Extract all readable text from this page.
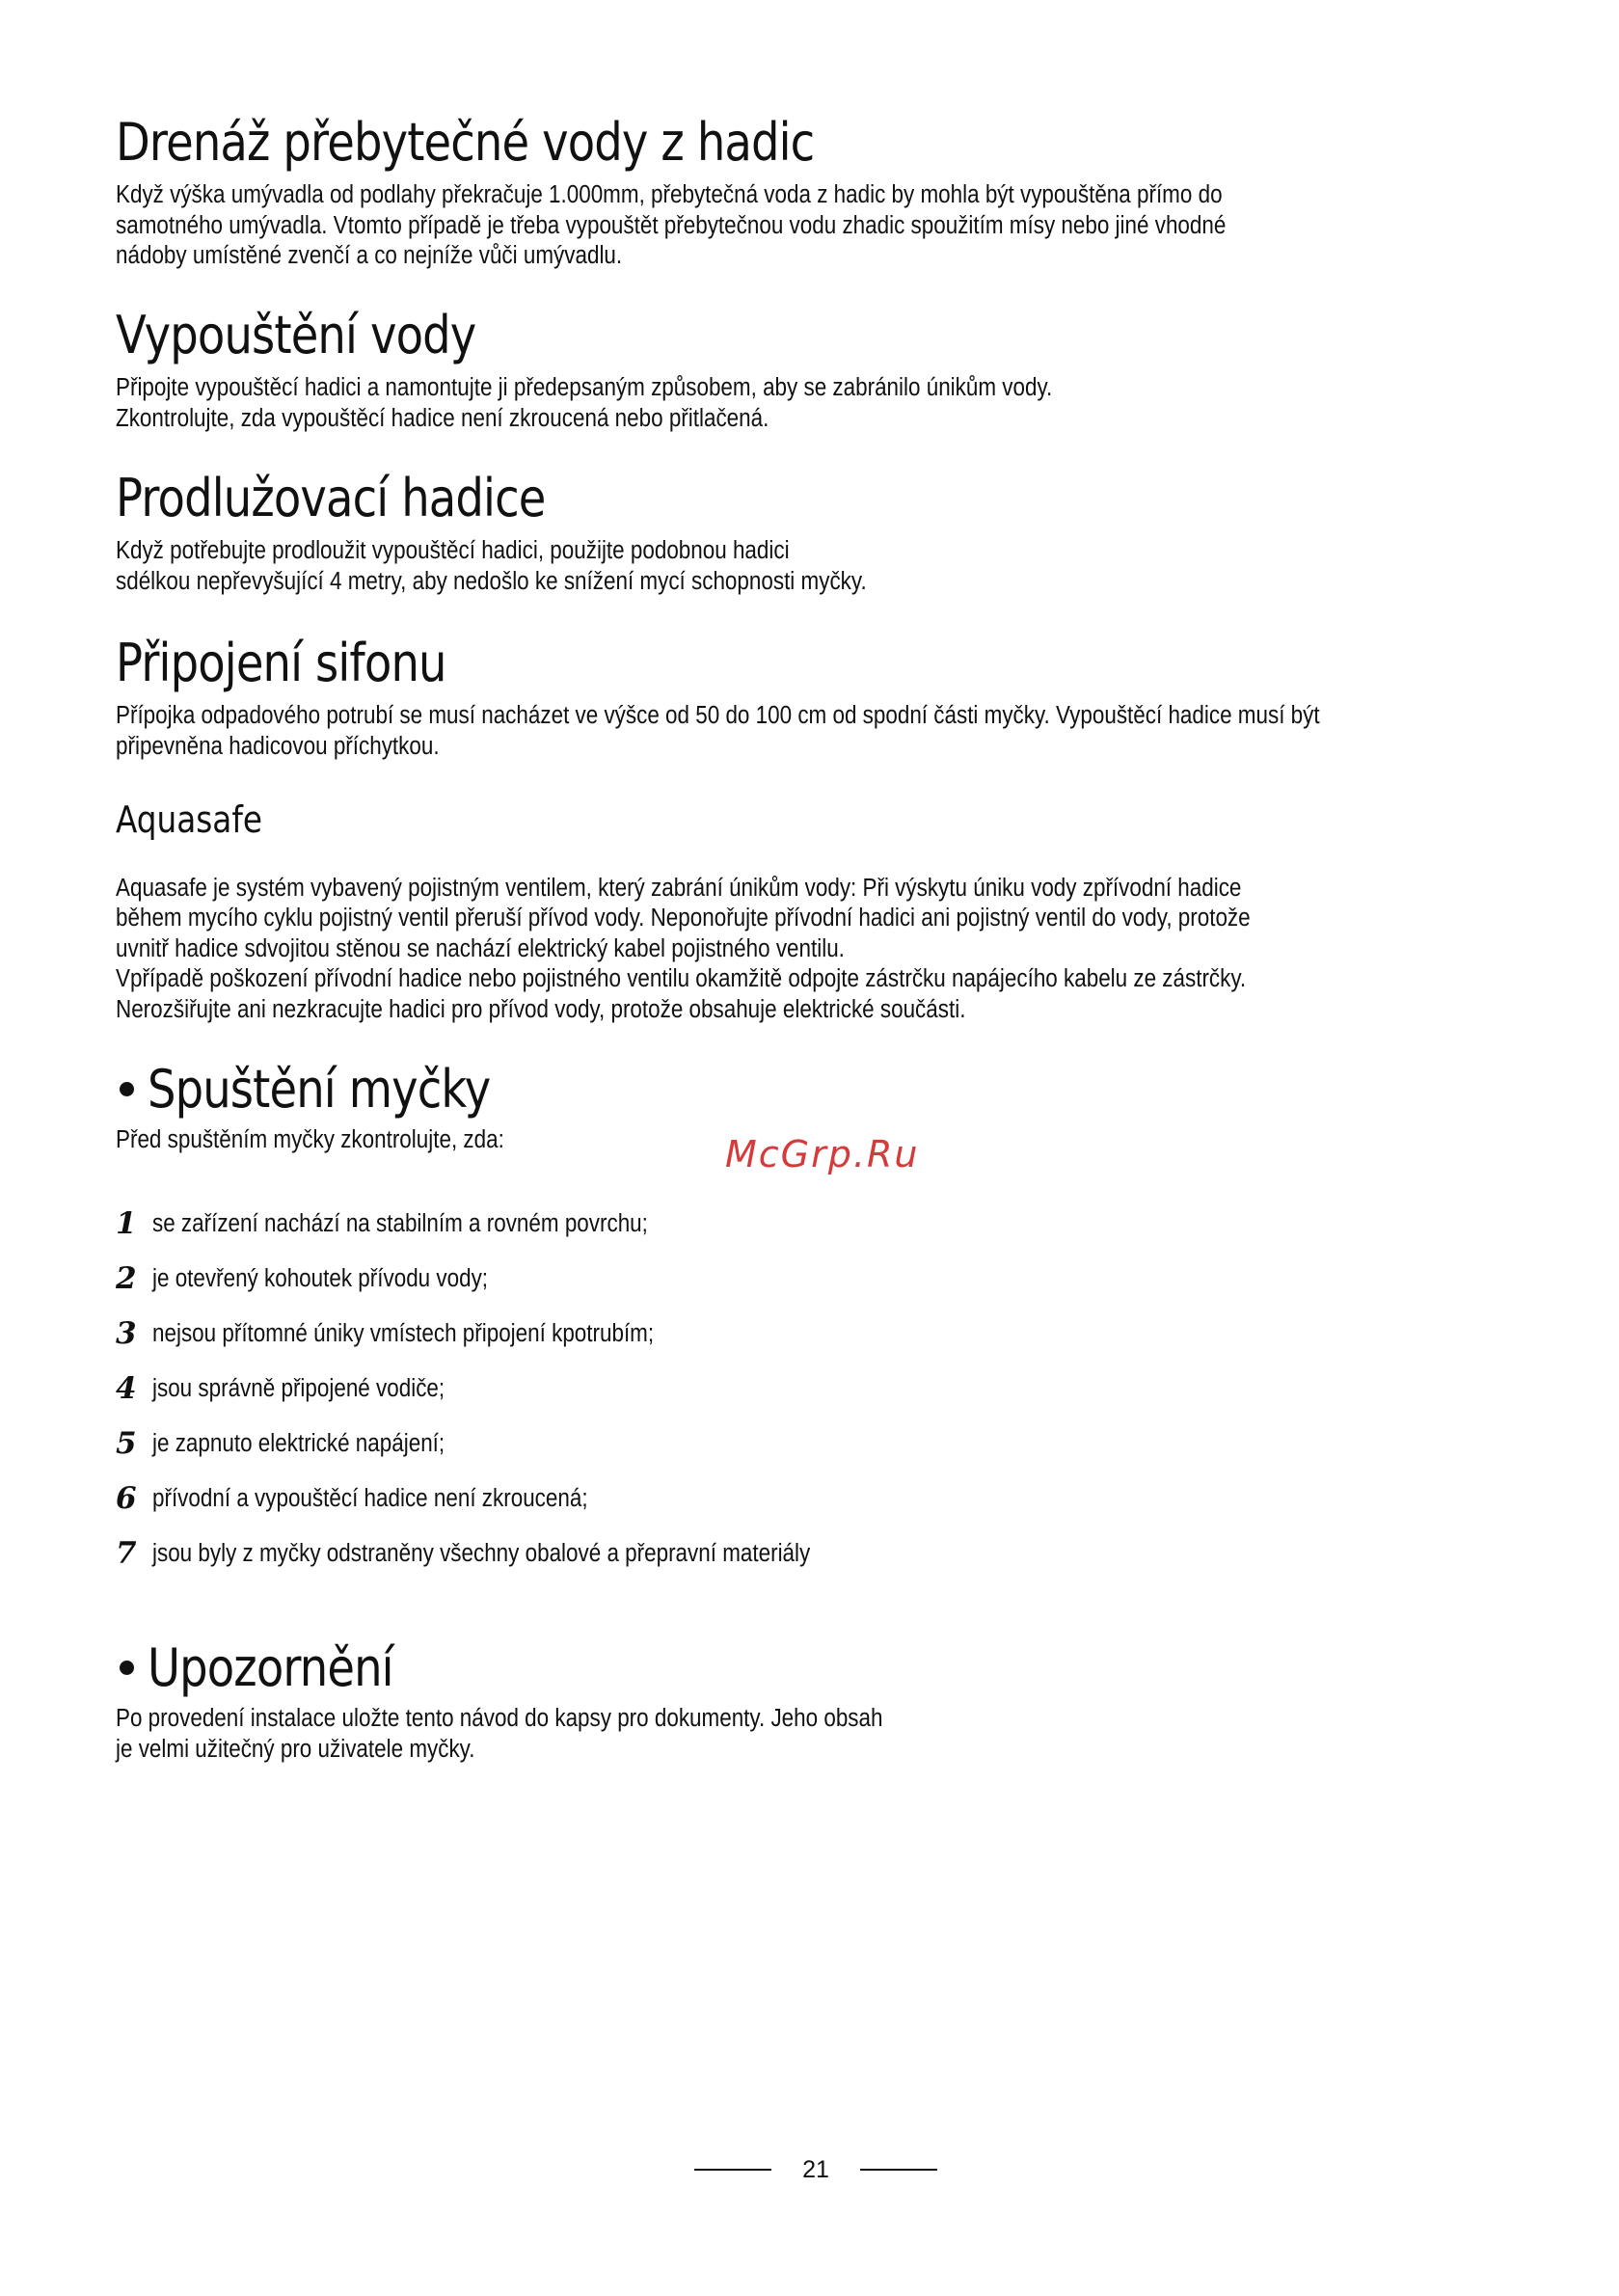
Drenáž přebytečné vody z hadic

Když výška umývadla od podlahy překračuje 1.000mm, přebytečná voda z hadic by mohla být vypouštěna přímo do
samotného umývadla. Vtomto případě je třeba vypouštět přebytečnou vodu zhadic spoužitím mísy nebo jiné vhodné
nádoby umístěné zvenčí a co nejníže vůči umývadlu.

Vypouštění vody

Připojte vypouštěcí hadici a namontujte ji předepsaným způsobem, aby se zabránilo únikům vody.
Zkontrolujte, zda vypouštěcí hadice není zkroucená nebo přitlačená.

Prodlužovací hadice

Když potřebujte prodloužit vypouštěcí hadici, použijte podobnou hadici
sdélkou nepřevyšující 4 metry, aby nedošlo ke snížení mycí schopnosti myčky.

Připojení sifonu

Přípojka odpadového potrubí se musí nacházet ve výšce od 50 do 100 cm od spodní části myčky. Vypouštěcí hadice musí být
připevněna hadicovou příchytkou.

Aquasafe

Aquasafe je systém vybavený pojistným ventilem, který zabrání únikům vody: Při výskytu úniku vody zpřívodní hadice
během mycího cyklu pojistný ventil přeruší přívod vody. Neponořujte přívodní hadici ani pojistný ventil do vody, protože
uvnitř hadice sdvojitou stěnou se nachází elektrický kabel pojistného ventilu.
Vpřípadě poškození přívodní hadice nebo pojistného ventilu okamžitě odpojte zástrčku napájecího kabelu ze zástrčky.
Nerozšiřujte ani nezkracujte hadici pro přívod vody, protože obsahuje elektrické součásti.

Spuštění myčky

Před spuštěním myčky zkontrolujte, zda:

1 se zařízení nachází na stabilním a rovném povrchu;
2 je otevřený kohoutek přívodu vody;
3 nejsou přítomné úniky vmístech připojení kpotrubím;
4 jsou správně připojené vodiče;
5 je zapnuto elektrické napájení;
6 přívodní a vypouštěcí hadice není zkroucená;
7 jsou byly z myčky odstraněny všechny obalové a přepravní materiály
Upozornění

Po provedení instalace uložte tento návod do kapsy pro dokumenty. Jeho obsah
je velmi užitečný pro uživatele myčky.

McGrp.Ru
21
